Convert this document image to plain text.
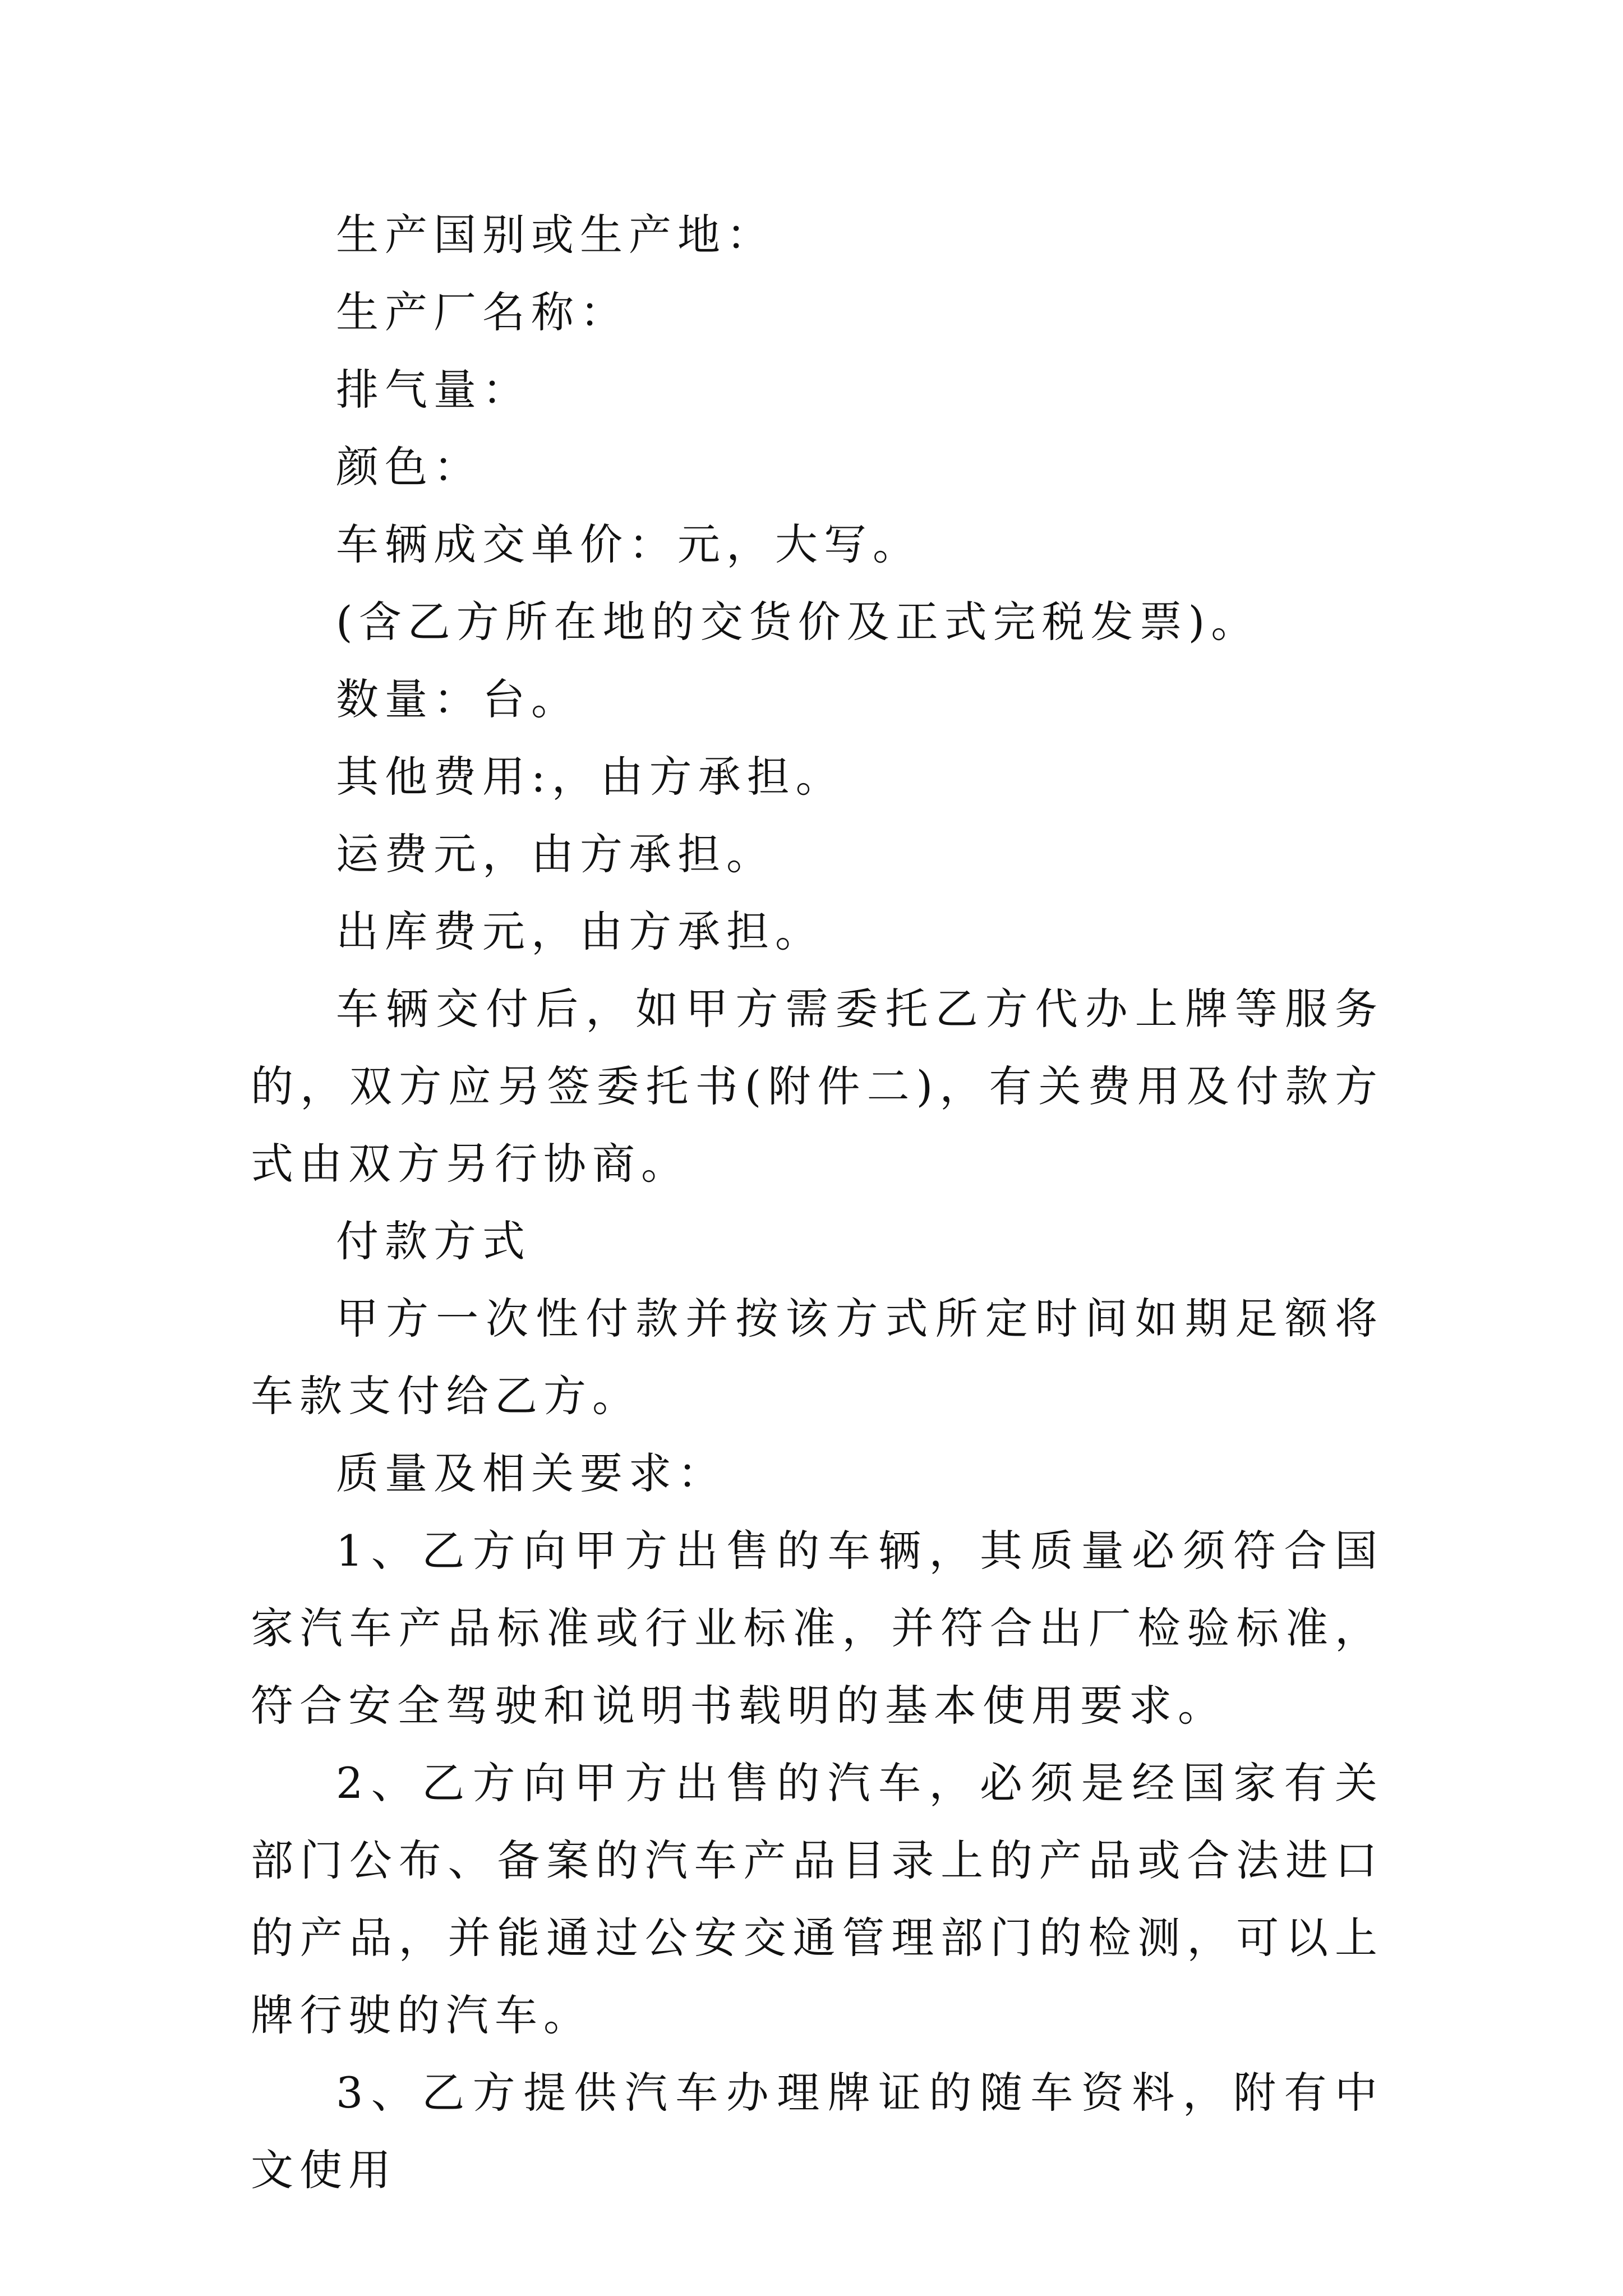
生产国别或生产地：

生产厂名称：

排气量：

颜色：

车辆成交单价：元，大写。

(含乙方所在地的交货价及正式完税发票)。

数量：台。

其他费用:，由方承担。

运费元，由方承担。

出库费元，由方承担。

车辆交付后，如甲方需委托乙方代办上牌等服务的，双方应另签委托书(附件二)，有关费用及付款方式由双方另行协商。

付款方式

甲方一次性付款并按该方式所定时间如期足额将车款支付给乙方。

质量及相关要求：

1、乙方向甲方出售的车辆，其质量必须符合国家汽车产品标准或行业标准，并符合出厂检验标准，符合安全驾驶和说明书载明的基本使用要求。

2、乙方向甲方出售的汽车，必须是经国家有关部门公布、备案的汽车产品目录上的产品或合法进口的产品，并能通过公安交通管理部门的检测，可以上牌行驶的汽车。

3、乙方提供汽车办理牌证的随车资料，附有中文使用
